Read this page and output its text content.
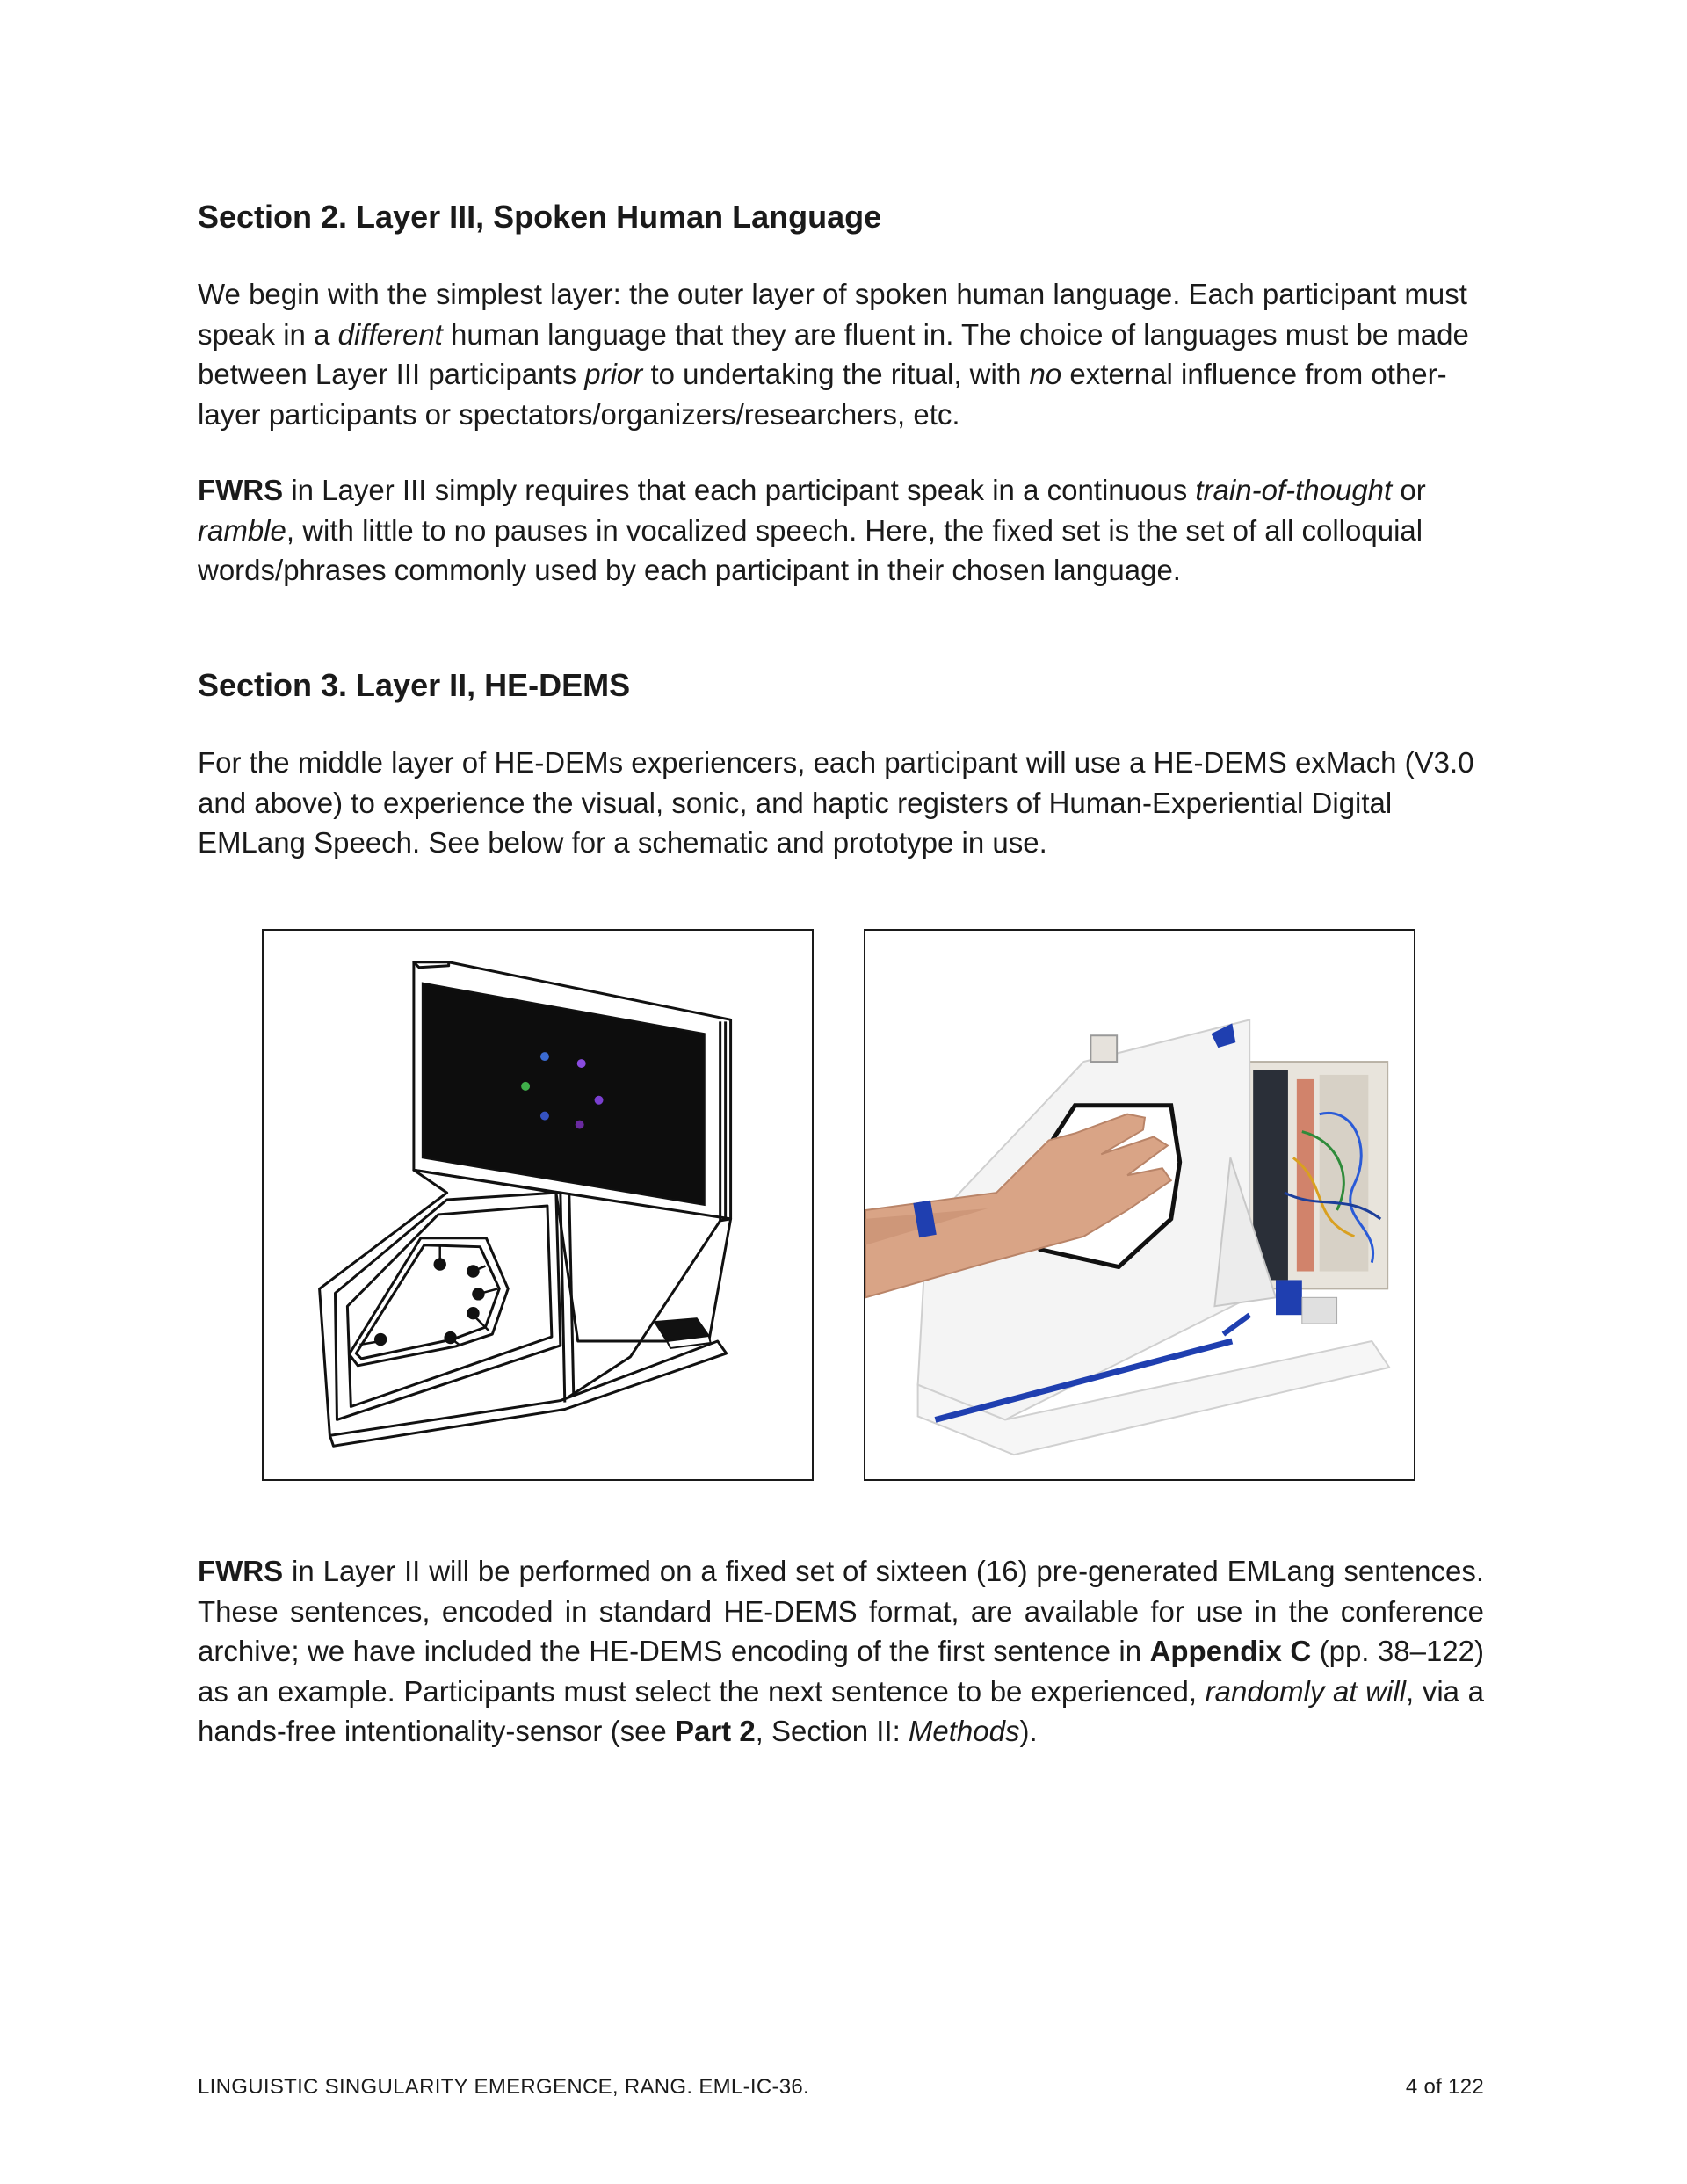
Section 2. Layer III, Spoken Human Language

We begin with the simplest layer: the outer layer of spoken human language. Each participant must speak in a different human language that they are fluent in. The choice of languages must be made between Layer III participants prior to undertaking the ritual, with no external influence from other-layer participants or spectators/organizers/researchers, etc.

FWRS in Layer III simply requires that each participant speak in a continuous train-of-thought or ramble, with little to no pauses in vocalized speech. Here, the fixed set is the set of all colloquial words/phrases commonly used by each participant in their chosen language.

Section 3. Layer II, HE-DEMS

For the middle layer of HE-DEMs experiencers, each participant will use a HE-DEMS exMach (V3.0 and above) to experience the visual, sonic, and haptic registers of Human-Experiential Digital EMLang Speech. See below for a schematic and prototype in use.

FWRS in Layer II will be performed on a fixed set of sixteen (16) pre-generated EMLang sentences. These sentences, encoded in standard HE-DEMS format, are available for use in the conference archive; we have included the HE-DEMS encoding of the first sentence in Appendix C (pp. 38–122) as an example. Participants must select the next sentence to be experienced, randomly at will, via a hands-free intentionality-sensor (see Part 2, Section II: Methods).

LINGUISTIC SINGULARITY EMERGENCE, RANG. EML-IC-36.	4 of 122
